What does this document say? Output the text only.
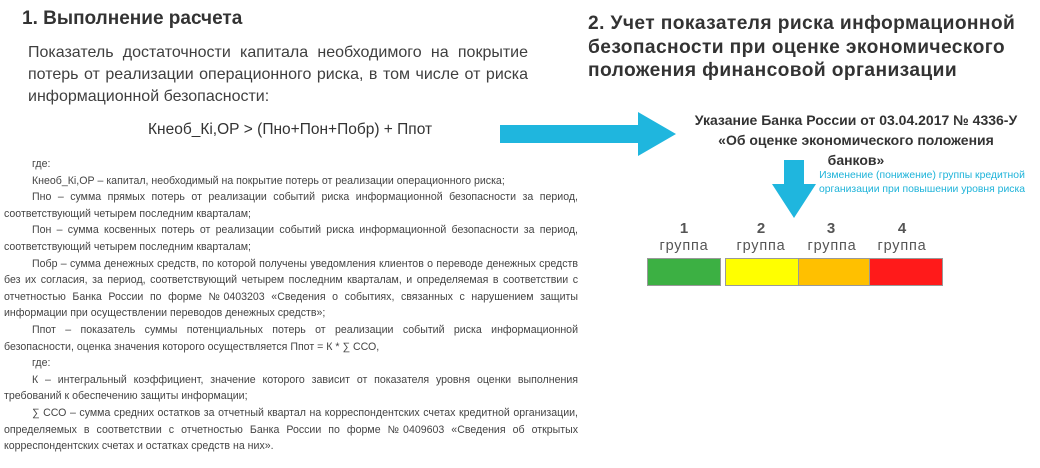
1. Выполнение расчета
Показатель достаточности капитала необходимого на покрытие потерь от реализации операционного риска, в том числе от риска информационной безопасности:
Кнеоб_Кi,ОР > (Пно+Пон+Побр) + Ппот

где:

Кнеоб_Кi,ОР – капитал, необходимый на покрытие потерь от реализации операционного риска;

Пно – сумма прямых потерь от реализации событий риска информационной безопасности за период, соответствующий четырем последним кварталам;

Пон – сумма косвенных потерь от реализации событий риска информационной безопасности за период, соответствующий четырем последним кварталам;

Побр – сумма денежных средств, по которой получены уведомления клиентов о переводе денежных средств без их согласия, за период, соответствующий четырем последним кварталам, и определяемая в соответствии с отчетностью Банка России по форме №0403203 «Сведения о событиях, связанных с нарушением защиты информации при осуществлении переводов денежных средств»;

Ппот – показатель суммы потенциальных потерь от реализации событий риска информационной безопасности, оценка значения которого осуществляется Ппот = К * ∑ ССО,

где:

К – интегральный коэффициент, значение которого зависит от показателя уровня оценки выполнения требований к обеспечению защиты информации;

∑ ССО – сумма средних остатков за отчетный квартал на корреспондентских счетах кредитной организации, определяемых в соответствии с отчетностью Банка России по форме №0409603 «Сведения об открытых корреспондентских счетах и остатках средств на них».

2. Учет показателя риска информационной безопасности при оценке экономического положения финансовой организации
Указание Банка России от 03.04.2017 № 4336-У
«Об оценке экономического положения
банков»
Изменение (понижение) группы кредитной организации при повышении уровня риска
1	2	3	4
группа	группа	группа	группа
